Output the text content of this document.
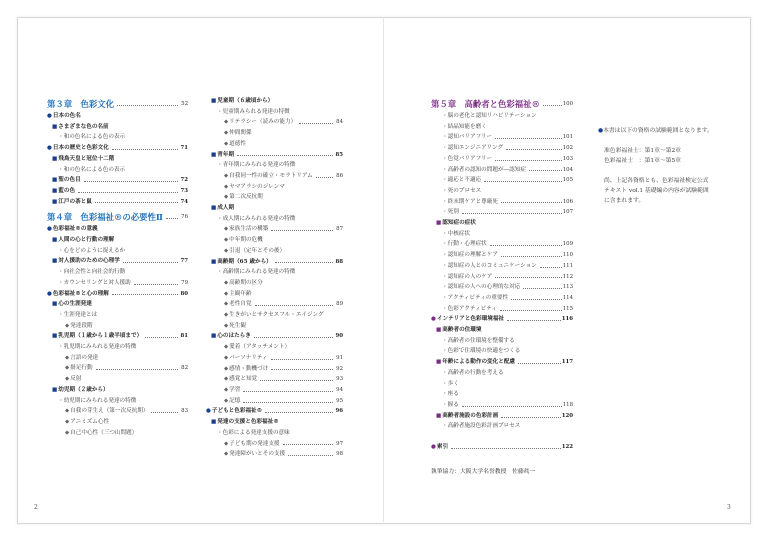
第３章　色彩文化	52
● 日本の色名
■ さまざまな色の名前
・ 和の色名による色の表示
● 日本の歴史と色彩文化	71
■ 飛鳥天皇と冠位十二階
・ 和の色名による色の表示
■ 聖の色目	72
■ 藍の色	73
■ 江戸の茶と鼠	74
第４章　色彩福祉®の必要性Ⅱ	76
● 色彩福祉®の意義
■ 人間の心と行動の理解
・ 心をどのように捉えるか
■ 対人援助のための心理学	77
・ 向社会性と向社会的行動
・ カウンセリングと対人援助	79
● 色彩福祉®と心の理解	80
■ 心の生涯発達
・ 生涯発達とは
◆ 発達段階
■ 乳児期（１歳から１歳半頃まで）	81
・ 乳児期にみられる発達の特徴
◆ 言語の発達
◆ 掛足行動	82
◆ 反射
■ 幼児期（２歳から）
・ 幼児期にみられる発達の特徴
◆ 自我の芽生え（第一次反抗期）	83
◆ アニミズム心性
◆ 自己中心性（三つ山問題）
■ 児童期（６歳頃から）
・ 児童期みられる発達の特徴
◆ リテラシー（読みの能力）	84
◆ 仲間関係
◆ 道徳性
■ 青年期	85
・ 青年期にみられる発達の特徴
◆ 自我同一性の確立・モラトリアム	86
◆ ヤマアラシのジレンマ
◆ 第二次反抗期
■ 成人期
・ 成人期にみられる発達の特徴
◆ 家族生活の構築	87
◆ 中年期の危機
◆ 引退（定年とその後）
■ 高齢期（65 歳から）	88
・ 高齢期にみられる発達の特徴
◆ 高齢期の区分
◆ 主観年齢
◆ 老性自覚	89
◆ 生きがいとサクセスフル・エイジング
◆ 死生観
■ 心のはたらき	90
◆ 愛着（アタッチメント）
◆ パーソナリティ	91
◆ 感情・動機づけ	92
◆ 感覚と知覚	93
◆ 学習	94
◆ 記憶	95
● 子どもと色彩福祉®	96
■ 発達の支援と色彩福祉®
・ 色彩による発達支援の意味
◆ 子ども期の発達支援	97
◆ 発達障がいとその支援	98
第５章　高齢者と色彩福祉®	100
・ 脳の老化と認知リハビリテーション
・ 結晶知能を磨く
・ 認知バリアフリー	101
・ 認知エンジニアリング	102
・ 色覚バリアフリー	103
・ 高齢者の認知の問題が―認知症	104
・ 適応と不適応	105
・ 死のプロセス
・ 終末期ケアと尊厳死	106
・ 死別	107
■ 認知症の症状
・ 中核症状
・ 行動・心理症状	109
・ 認知症の理解とケア	110
・ 認知症の人とのコミュニケーション	111
・ 認知症の人のケア	112
・ 認知症の人への心理的な対応	113
・ アクティビティの重要性	114
・ 色彩アクティビティ	115
● インテリアと色彩環境福祉	116
■ 高齢者の住環境
・ 高齢者の住環境を整備する
・ 色彩で住環境の快適をつくる
■ 年齢による動作の変化と配慮	117
・ 高齢者の行動を考える
・ 歩く
・ 座る
・ 握る	118
■ 高齢者施設の色彩計画	120
・ 高齢者施設色彩計画プロセス
● 索引	122
●本書は以下の資格の試験範囲となります。
准色彩福祉士：第1章〜第2章
色彩福祉士　：第1章〜第5章
尚、上記各資格とも、色彩福祉検定公式
テキスト vol.1 基礎編の内容が試験範囲
に含まれます。
執筆協力：大阪大学名誉教授　佐藤眞一
2	3
